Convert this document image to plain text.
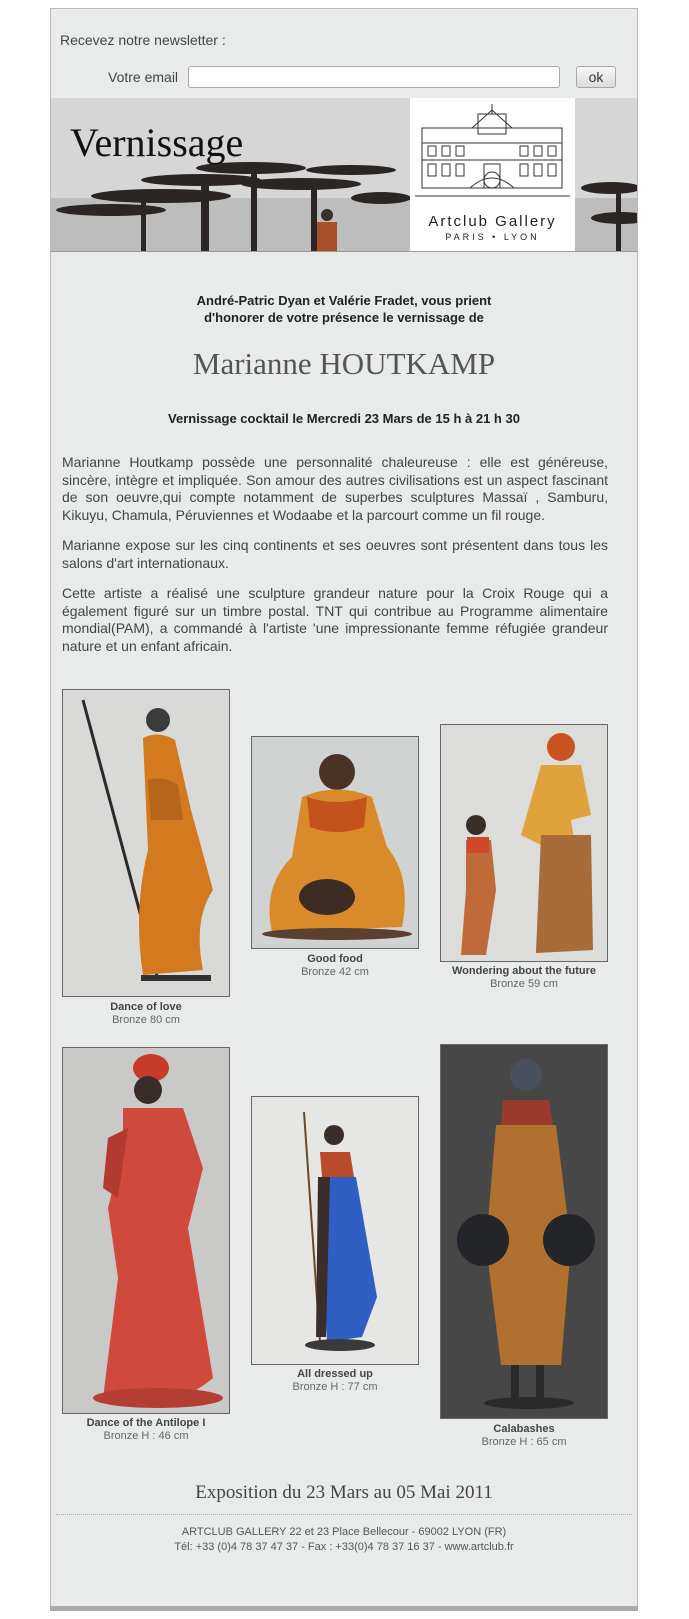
Recevez notre newsletter :
Votre email	ok
Vernissage
Artclub Gallery
PARIS • LYON
André-Patric Dyan et Valérie Fradet, vous prient
d'honorer de votre présence le vernissage de
Marianne HOUTKAMP
Vernissage cocktail le Mercredi 23 Mars de 15 h à 21 h 30

Marianne Houtkamp possède une personnalité chaleureuse : elle est généreuse, sincère, intègre et impliquée. Son amour des autres civilisations est un aspect fascinant de son oeuvre,qui compte notamment de superbes sculptures Massaï , Samburu, Kikuyu, Chamula, Péruviennes et Wodaabe et la parcourt comme un fil rouge.

Marianne expose sur les cinq continents et ses oeuvres sont présentent dans tous les salons d'art internationaux.

Cette artiste a réalisé une sculpture grandeur nature pour la Croix Rouge qui a également figuré sur un timbre postal. TNT qui contribue au Programme alimentaire mondial(PAM), a commandé à l'artiste 'une impressionante femme réfugiée grandeur nature et un enfant africain.

Dance of love
Bronze 80 cm
Good food
Bronze 42 cm	Wondering about the future
Bronze 59 cm
Dance of the Antilope I
Bronze H : 46 cm
All dressed up
Bronze H : 77 cm
Calabashes
Bronze H : 65 cm
Exposition du 23 Mars au 05 Mai 2011
ARTCLUB GALLERY 22 et 23 Place Bellecour - 69002 LYON (FR)
Tél: +33 (0)4 78 37 47 37 - Fax : +33(0)4 78 37 16 37 - www.artclub.fr
